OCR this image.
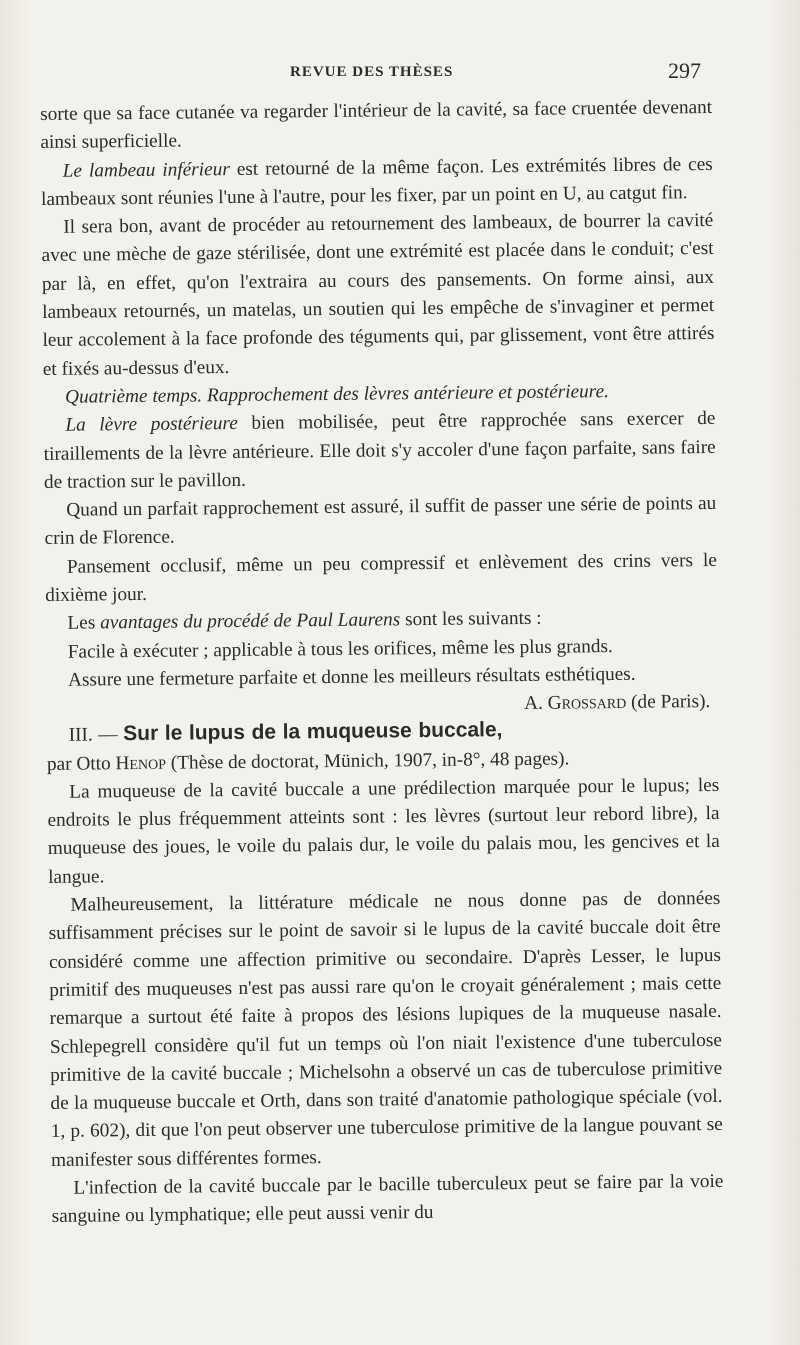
REVUE DES THÈSES	297

sorte que sa face cutanée va regarder l'intérieur de la cavité, sa face cruentée devenant ainsi superficielle.

Le lambeau inférieur est retourné de la même façon. Les extrémités libres de ces lambeaux sont réunies l'une à l'autre, pour les fixer, par un point en U, au catgut fin.

Il sera bon, avant de procéder au retournement des lambeaux, de bourrer la cavité avec une mèche de gaze stérilisée, dont une extrémité est placée dans le conduit; c'est par là, en effet, qu'on l'extraira au cours des pansements. On forme ainsi, aux lambeaux retournés, un matelas, un soutien qui les empêche de s'invaginer et permet leur accolement à la face profonde des téguments qui, par glissement, vont être attirés et fixés au-dessus d'eux.

Quatrième temps. Rapprochement des lèvres antérieure et postérieure.

La lèvre postérieure bien mobilisée, peut être rapprochée sans exercer de tiraillements de la lèvre antérieure. Elle doit s'y accoler d'une façon parfaite, sans faire de traction sur le pavillon.

Quand un parfait rapprochement est assuré, il suffit de passer une série de points au crin de Florence.

Pansement occlusif, même un peu compressif et enlèvement des crins vers le dixième jour.

Les avantages du procédé de Paul Laurens sont les suivants :

Facile à exécuter ; applicable à tous les orifices, même les plus grands.

Assure une fermeture parfaite et donne les meilleurs résultats esthétiques.
A. Grossard (de Paris).

III. — Sur le lupus de la muqueuse buccale, par Otto Henop (Thèse de doctorat, Münich, 1907, in-8°, 48 pages).

La muqueuse de la cavité buccale a une prédilection marquée pour le lupus; les endroits le plus fréquemment atteints sont : les lèvres (surtout leur rebord libre), la muqueuse des joues, le voile du palais dur, le voile du palais mou, les gencives et la langue.

Malheureusement, la littérature médicale ne nous donne pas de données suffisamment précises sur le point de savoir si le lupus de la cavité buccale doit être considéré comme une affection primitive ou secondaire. D'après Lesser, le lupus primitif des muqueuses n'est pas aussi rare qu'on le croyait généralement ; mais cette remarque a surtout été faite à propos des lésions lupiques de la muqueuse nasale. Schlepegrell considère qu'il fut un temps où l'on niait l'existence d'une tuberculose primitive de la cavité buccale ; Michelsohn a observé un cas de tuberculose primitive de la muqueuse buccale et Orth, dans son traité d'anatomie pathologique spéciale (vol. 1, p. 602), dit que l'on peut observer une tuberculose primitive de la langue pouvant se manifester sous différentes formes.

L'infection de la cavité buccale par le bacille tuberculeux peut se faire par la voie sanguine ou lymphatique; elle peut aussi venir du
